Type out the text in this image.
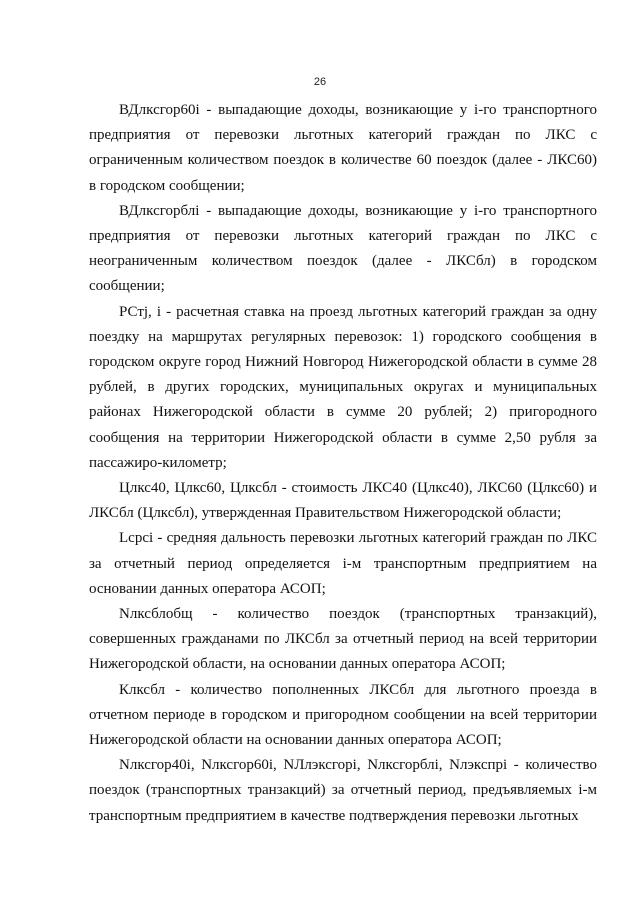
26

ВДлксгор60i - выпадающие доходы, возникающие у i-го транспортного предприятия от перевозки льготных категорий граждан по ЛКС с ограниченным количеством поездок в количестве 60 поездок (далее - ЛКС60) в городском сообщении;

ВДлксгорблi - выпадающие доходы, возникающие у i-го транспортного предприятия от перевозки льготных категорий граждан по ЛКС с неограниченным количеством поездок (далее - ЛКСбл) в городском сообщении;

РСтj, i - расчетная ставка на проезд льготных категорий граждан за одну поездку на маршрутах регулярных перевозок: 1) городского сообщения в городском округе город Нижний Новгород Нижегородской области в сумме 28 рублей, в других городских, муниципальных округах и муниципальных районах Нижегородской области в сумме 20 рублей; 2) пригородного сообщения на территории Нижегородской области в сумме 2,50 рубля за пассажиро-километр;

Цлкс40, Цлкс60, Цлксбл - стоимость ЛКС40 (Цлкс40), ЛКС60 (Цлкс60) и ЛКСбл (Цлксбл), утвержденная Правительством Нижегородской области;

Lсрсi - средняя дальность перевозки льготных категорий граждан по ЛКС за отчетный период определяется i-м транспортным предприятием на основании данных оператора АСОП;

Nлксблобщ - количество поездок (транспортных транзакций), совершенных гражданами по ЛКСбл за отчетный период на всей территории Нижегородской области, на основании данных оператора АСОП;

Клксбл - количество пополненных ЛКСбл для льготного проезда в отчетном периоде в городском и пригородном сообщении на всей территории Нижегородской области на основании данных оператора АСОП;

Nлксгор40i, Nлксгор60i, NЛлэксгорi, Nлксгорблi, Nлэкспрi - количество поездок (транспортных транзакций) за отчетный период, предъявляемых i-м транспортным предприятием в качестве подтверждения перевозки льготных
